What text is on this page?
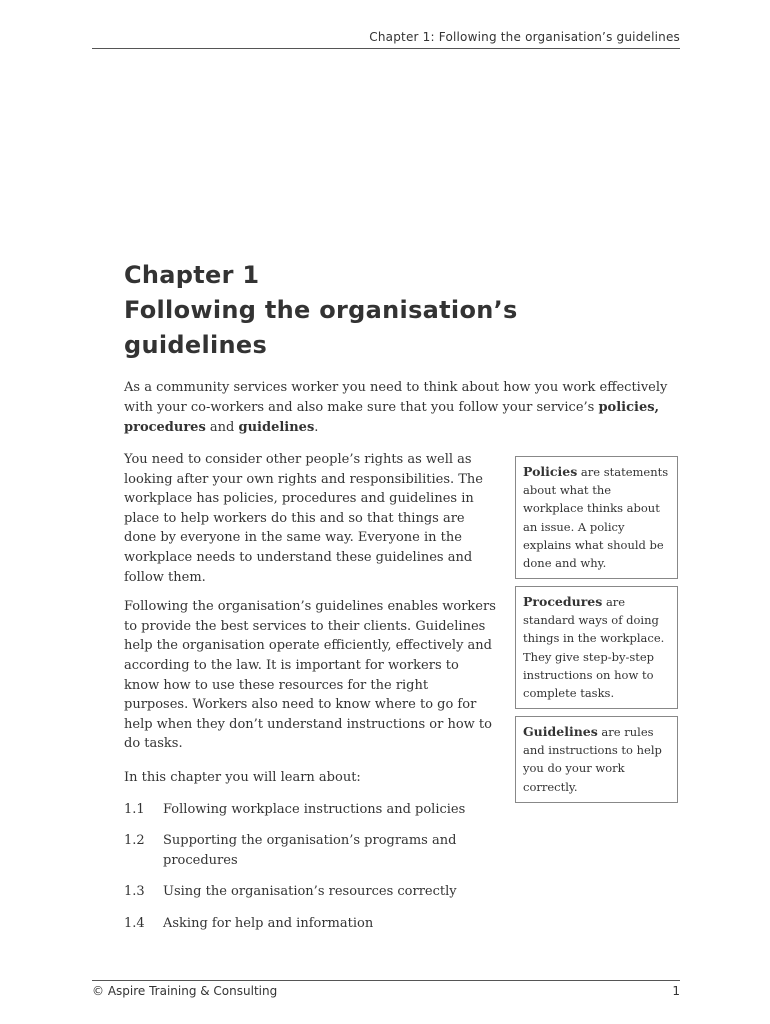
Chapter 1: Following the organisation’s guidelines
Chapter 1
Following the organisation’s
guidelines

As a community services worker you need to think about how you work effectively with your co-workers and also make sure that you follow your service’s policies, procedures and guidelines.

You need to consider other people’s rights as well as looking after your own rights and responsibilities. The workplace has policies, procedures and guidelines in place to help workers do this and so that things are done by everyone in the same way. Everyone in the workplace needs to understand these guidelines and follow them.

Following the organisation’s guidelines enables workers to provide the best services to their clients. Guidelines help the organisation operate efficiently, effectively and according to the law. It is important for workers to know how to use these resources for the right purposes. Workers also need to know where to go for help when they don’t understand instructions or how to do tasks.

In this chapter you will learn about:

1.1	Following workplace instructions and policies
1.2	Supporting the organisation’s programs and procedures
1.3	Using the organisation’s resources correctly
1.4	Asking for help and information
Policies are statements about what the workplace thinks about an issue. A policy explains what should be done and why.
Procedures are standard ways of doing things in the workplace. They give step-by-step instructions on how to complete tasks.
Guidelines are rules and instructions to help you do your work correctly.
© Aspire Training & Consulting	1
